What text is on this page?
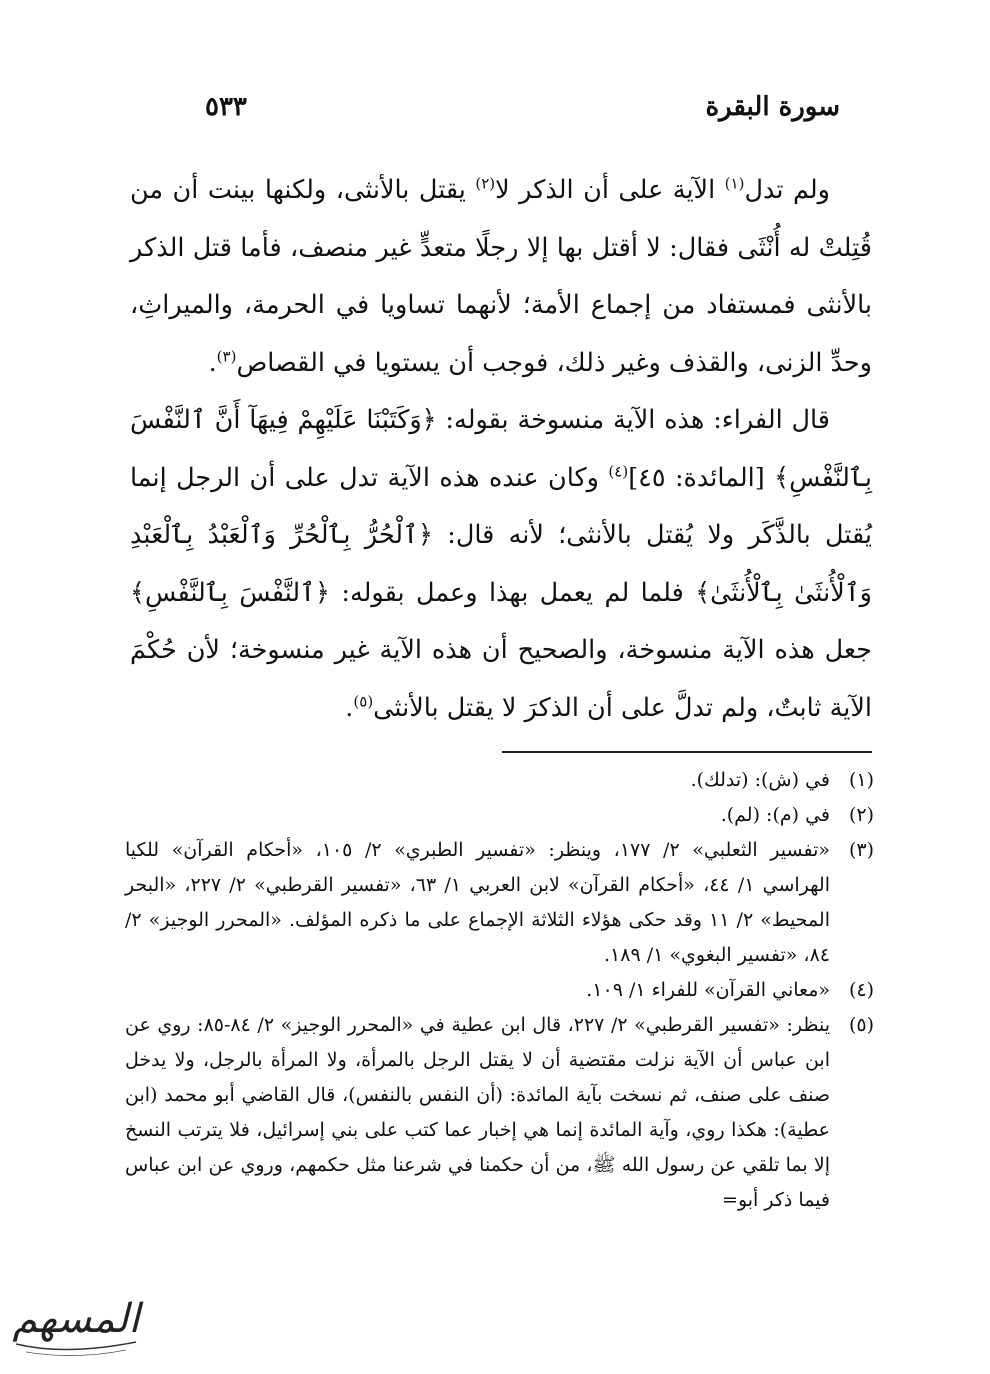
سورة البقرة
٥٣٣

ولم تدل$^{(١)}$ الآية على أن الذكر لا$^{(٢)}$ يقتل بالأنثى، ولكنها بينت أن من قُتِلتْ له أُنْثَى فقال: لا أقتل بها إلا رجلًا متعدٍّ غير منصف، فأما قتل الذكر بالأنثى فمستفاد من إجماع الأمة؛ لأنهما تساويا في الحرمة، والميراثِ، وحدِّ الزنى، والقذف وغير ذلك، فوجب أن يستويا في القصاص$^{(٣)}$.

قال الفراء: هذه الآية منسوخة بقوله: ﴿وَكَتَبْنَا عَلَيْهِمْ فِيهَآ أَنَّ ٱلنَّفْسَ بِٱلنَّفْسِ﴾ [المائدة: ٤٥]$^{(٤)}$ وكان عنده هذه الآية تدل على أن الرجل إنما يُقتل بالذَّكَر ولا يُقتل بالأنثى؛ لأنه قال: ﴿ٱلْحُرُّ بِٱلْحُرِّ وَٱلْعَبْدُ بِٱلْعَبْدِ وَٱلْأُنثَىٰ بِٱلْأُنثَىٰ﴾ فلما لم يعمل بهذا وعمل بقوله: ﴿ٱلنَّفْسَ بِٱلنَّفْسِ﴾ جعل هذه الآية منسوخة، والصحيح أن هذه الآية غير منسوخة؛ لأن حُكْمَ الآية ثابتٌ، ولم تدلَّ على أن الذكرَ لا يقتل بالأنثى$^{(٥)}$.

(١)
في (ش): (تدلك).
(٢)
في (م): (لم).
(٣)
«تفسير الثعلبي» ٢/ ١٧٧، وينظر: «تفسير الطبري» ٢/ ١٠٥، «أحكام القرآن» للكيا الهراسي ١/ ٤٤، «أحكام القرآن» لابن العربي ١/ ٦٣، «تفسير القرطبي» ٢/ ٢٢٧، «البحر المحيط» ٢/ ١١ وقد حكى هؤلاء الثلاثة الإجماع على ما ذكره المؤلف. «المحرر الوجيز» ٢/ ٨٤، «تفسير البغوي» ١/ ١٨٩.
(٤)
«معاني القرآن» للفراء ١/ ١٠٩.
(٥)
ينظر: «تفسير القرطبي» ٢/ ٢٢٧، قال ابن عطية في «المحرر الوجيز» ٢/ ٨٤-٨٥: روي عن ابن عباس أن الآية نزلت مقتضية أن لا يقتل الرجل بالمرأة، ولا المرأة بالرجل، ولا يدخل صنف على صنف، ثم نسخت بآية المائدة: (أن النفس بالنفس)، قال القاضي أبو محمد (ابن عطية): هكذا روي، وآية المائدة إنما هي إخبار عما كتب على بني إسرائيل، فلا يترتب النسخ إلا بما تلقي عن رسول الله ﷺ، من أن حكمنا في شرعنا مثل حكمهم، وروي عن ابن عباس فيما ذكر أبو=
المسهم
